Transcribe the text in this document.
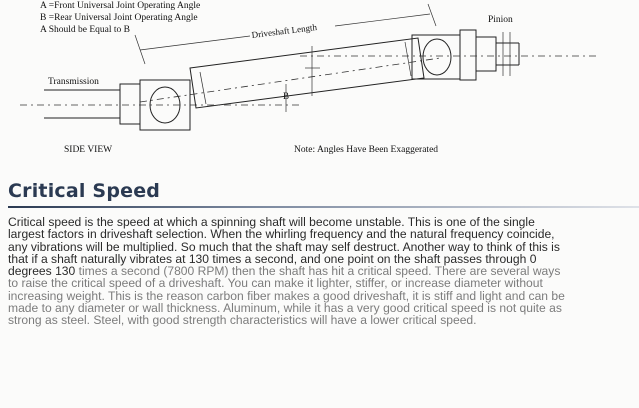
A =Front Universal Joint Operating Angle
B =Rear Universal Joint Operating Angle
A Should be Equal to B	Driveshaft Length
Pinion
Transmission
B
SIDE VIEW	Note: Angles Have Been Exaggerated
Critical Speed

Critical speed is the speed at which a spinning shaft will become unstable. This is one of the single largest factors in driveshaft selection. When the whirling frequency and the natural frequency coincide, any vibrations will be multiplied. So much that the shaft may self destruct. Another way to think of this is that if a shaft naturally vibrates at 130 times a second, and one point on the shaft passes through 0 degrees 130 times a second (7800 RPM) then the shaft has hit a critical speed. There are several ways to raise the critical speed of a driveshaft. You can make it lighter, stiffer, or increase diameter without increasing weight. This is the reason carbon fiber makes a good driveshaft, it is stiff and light and can be made to any diameter or wall thickness. Aluminum, while it has a very good critical speed is not quite as strong as steel. Steel, with good strength characteristics will have a lower critical speed.
